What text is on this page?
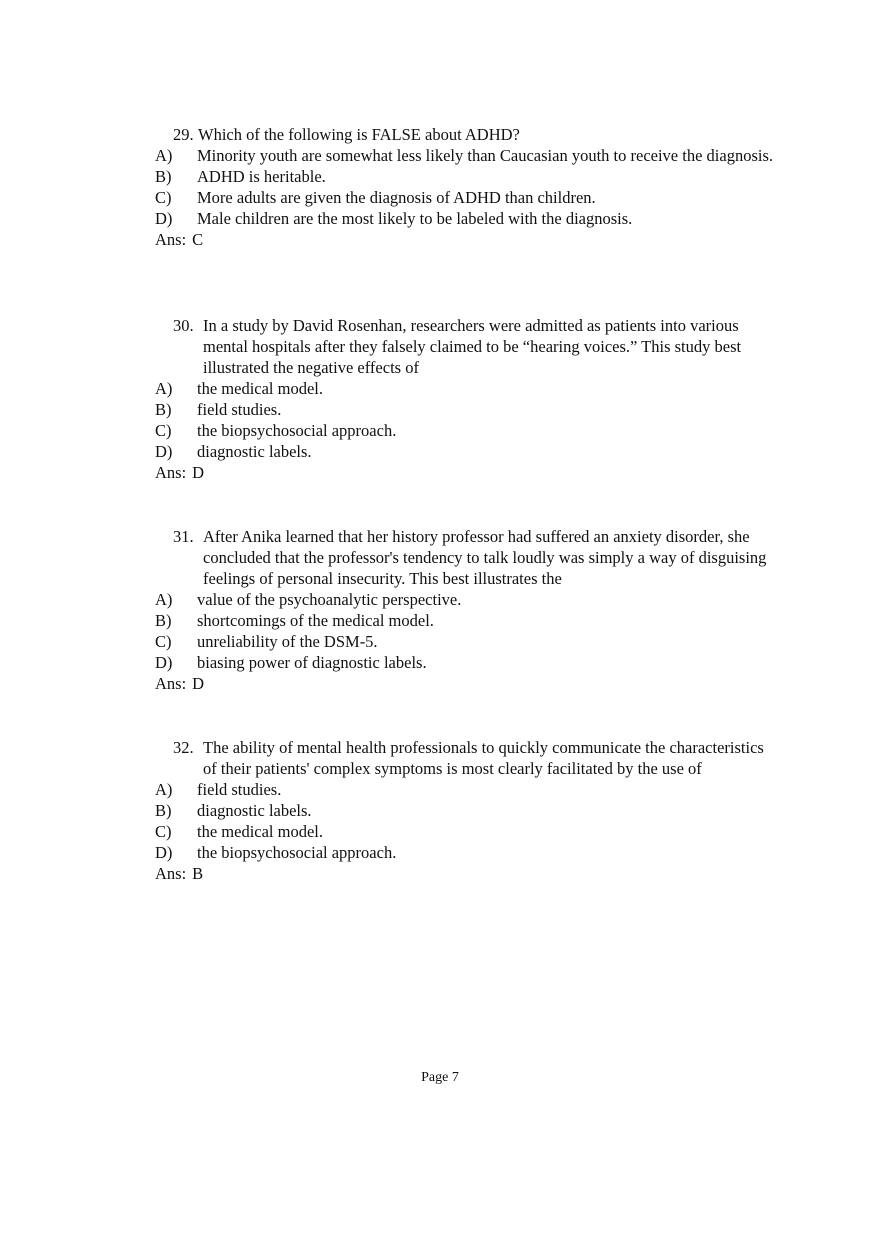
29. Which of the following is FALSE about ADHD?
A) Minority youth are somewhat less likely than Caucasian youth to receive the diagnosis.
B) ADHD is heritable.
C) More adults are given the diagnosis of ADHD than children.
D) Male children are the most likely to be labeled with the diagnosis.
Ans: C
30. In a study by David Rosenhan, researchers were admitted as patients into various mental hospitals after they falsely claimed to be “hearing voices.” This study best illustrated the negative effects of
A) the medical model.
B) field studies.
C) the biopsychosocial approach.
D) diagnostic labels.
Ans: D
31. After Anika learned that her history professor had suffered an anxiety disorder, she concluded that the professor's tendency to talk loudly was simply a way of disguising feelings of personal insecurity. This best illustrates the
A) value of the psychoanalytic perspective.
B) shortcomings of the medical model.
C) unreliability of the DSM-5.
D) biasing power of diagnostic labels.
Ans: D
32. The ability of mental health professionals to quickly communicate the characteristics of their patients' complex symptoms is most clearly facilitated by the use of
A) field studies.
B) diagnostic labels.
C) the medical model.
D) the biopsychosocial approach.
Ans: B
Page 7
